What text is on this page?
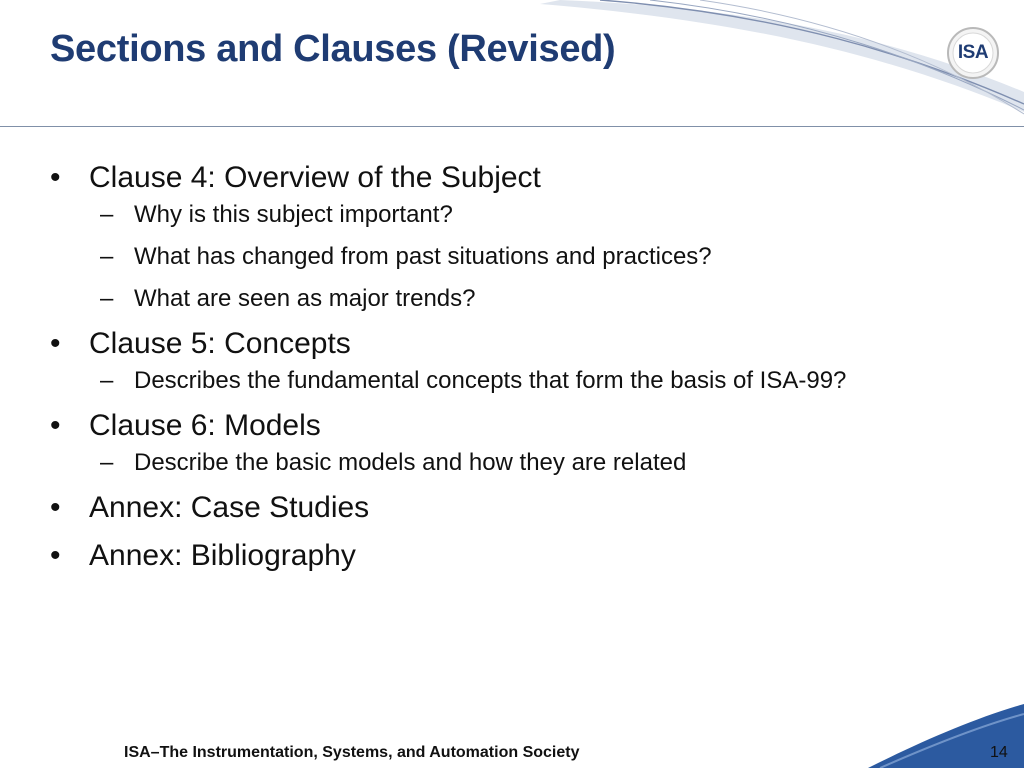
Sections and Clauses (Revised)	ISA
• Clause 4: Overview of the Subject
– Why is this subject important?
– What has changed from past situations and practices?
– What are seen as major trends?
• Clause 5: Concepts
– Describes the fundamental concepts that form the basis of ISA-99?
• Clause 6: Models
– Describe the basic models and how they are related
• Annex: Case Studies
• Annex: Bibliography
ISA–The Instrumentation, Systems, and Automation Society	14
